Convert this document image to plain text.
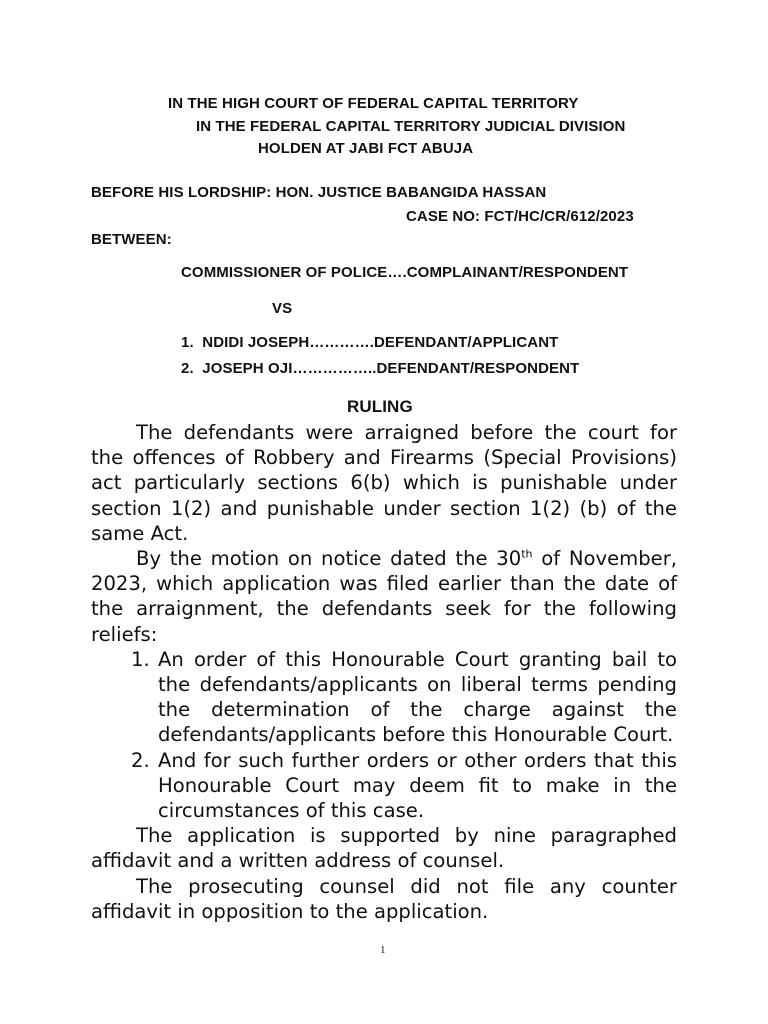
IN THE HIGH COURT OF FEDERAL CAPITAL TERRITORY
IN THE FEDERAL CAPITAL TERRITORY JUDICIAL DIVISION
HOLDEN AT JABI FCT ABUJA
BEFORE HIS LORDSHIP: HON. JUSTICE BABANGIDA HASSAN
CASE NO: FCT/HC/CR/612/2023
BETWEEN:
COMMISSIONER OF POLICE….COMPLAINANT/RESPONDENT
VS
1. NDIDI JOSEPH………….DEFENDANT/APPLICANT
2. JOSEPH OJI……………..DEFENDANT/RESPONDENT
RULING

The defendants were arraigned before the court for the offences of Robbery and Firearms (Special Provisions) act particularly sections 6(b) which is punishable under section 1(2) and punishable under section 1(2) (b) of the same Act.

By the motion on notice dated the 30th of November, 2023, which application was filed earlier than the date of the arraignment, the defendants seek for the following reliefs:

1. An order of this Honourable Court granting bail to the defendants/applicants on liberal terms pending the determination of the charge against the defendants/applicants before this Honourable Court.
2. And for such further orders or other orders that this Honourable Court may deem fit to make in the circumstances of this case.

The application is supported by nine paragraphed affidavit and a written address of counsel.

The prosecuting counsel did not file any counter affidavit in opposition to the application.

1
